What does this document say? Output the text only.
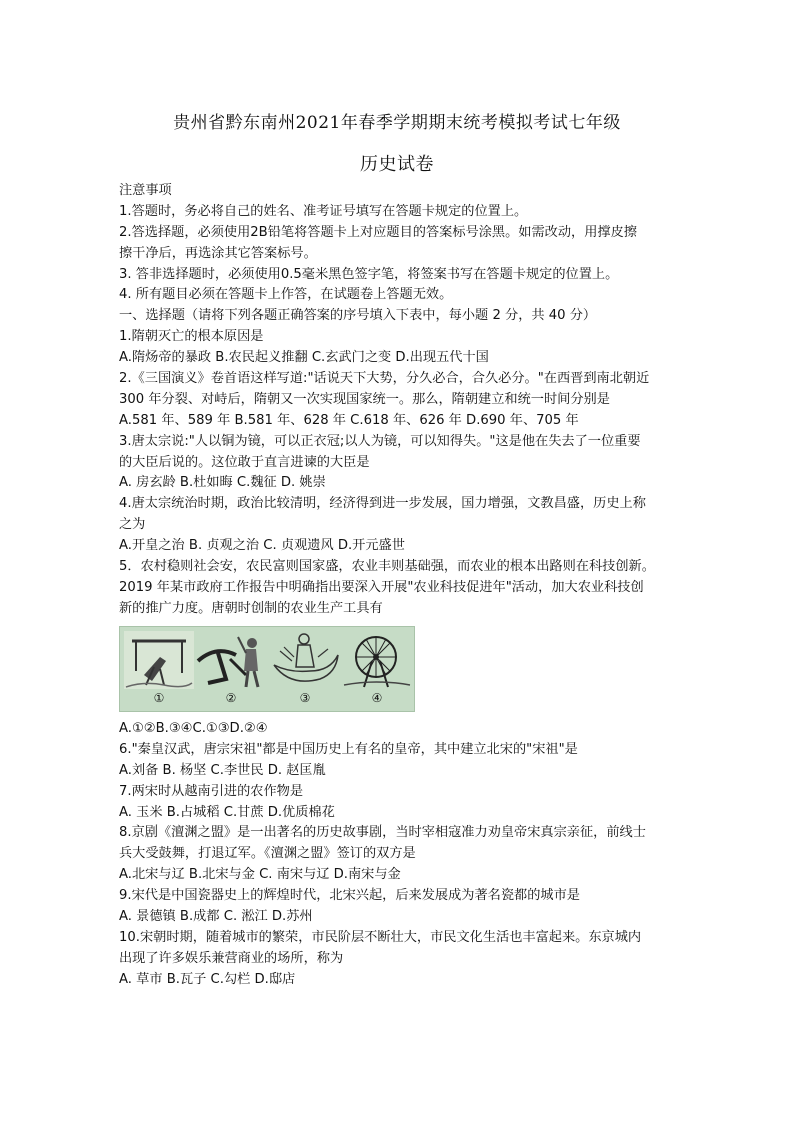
贵州省黔东南州2021年春季学期期末统考模拟考试七年级
历史试卷
注意事项
1.答题时，务必将自己的姓名、准考证号填写在答题卡规定的位置上。
2.答选择题，必须使用2B铅笔将答题卡上对应题目的答案标号涂黑。如需改动，用撑皮擦
擦干净后，再选涂其它答案标号。
3. 答非选择题时，必须使用0.5毫米黑色签字笔，将签案书写在答题卡规定的位置上。
4. 所有题目必须在答题卡上作答，在试题卷上答题无效。
一、选择题（请将下列各题正确答案的序号填入下表中，每小题 2 分，共 40 分）
1.隋朝灭亡的根本原因是
A.隋炀帝的暴政 B.农民起义推翻 C.玄武门之变 D.出现五代十国
2.《三国演义》卷首语这样写道:"话说天下大势，分久必合，合久必分。"在西晋到南北朝近
300 年分裂、对峙后，隋朝又一次实现国家统一。那么，隋朝建立和统一时间分别是
A.581 年、589 年 B.581 年、628 年 C.618 年、626 年 D.690 年、705 年
3.唐太宗说:"人以铜为镜，可以正衣冠;以人为镜，可以知得失。"这是他在失去了一位重要
的大臣后说的。这位敢于直言进谏的大臣是
A. 房玄龄 B.杜如晦 C.魏征 D. 姚崇
4.唐太宗统治时期，政治比较清明，经济得到进一步发展，国力增强，文教昌盛，历史上称
之为
A.开皇之治 B. 贞观之治 C. 贞观遗风 D.开元盛世
5．农村稳则社会安，农民富则国家盛，农业丰则基础强，而农业的根本出路则在科技创新。
2019 年某市政府工作报告中明确指出要深入开展"农业科技促进年"活动，加大农业科技创
新的推广力度。唐朝时创制的农业生产工具有
①	②	③	④
A.①②B.③④C.①③D.②④
6."秦皇汉武，唐宗宋祖"都是中国历史上有名的皇帝，其中建立北宋的"宋祖"是
A.刘备 B. 杨坚 C.李世民 D. 赵匡胤
7.两宋时从越南引进的农作物是
A. 玉米 B.占城稻 C.甘蔗 D.优质棉花
8.京剧《澶渊之盟》是一出著名的历史故事剧，当时宰相寇准力劝皇帝宋真宗亲征，前线士
兵大受鼓舞，打退辽军。《澶渊之盟》签订的双方是
A.北宋与辽 B.北宋与金 C. 南宋与辽 D.南宋与金
9.宋代是中国瓷器史上的辉煌时代，北宋兴起，后来发展成为著名瓷都的城市是
A. 景德镇 B.成都 C. 淞江 D.苏州
10.宋朝时期，随着城市的繁荣，市民阶层不断壮大，市民文化生活也丰富起来。东京城内
出现了许多娱乐兼营商业的场所，称为
A. 草市 B.瓦子 C.勾栏 D.邸店
